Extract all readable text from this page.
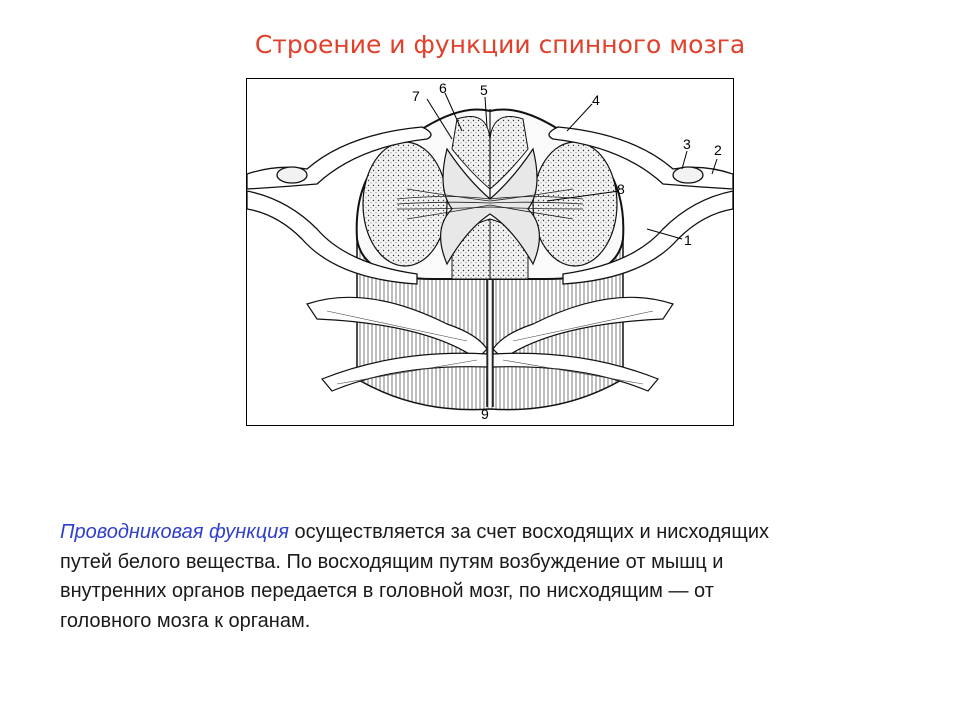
Строение и функции спинного мозга
7 6 5
4
3 2
8
1
9

Проводниковая функция осуществляется за счет восходящих и нисходящих
путей белого вещества. По восходящим путям возбуждение от мышц и
внутренних органов передается в головной мозг, по нисходящим — от
головного мозга к органам.
